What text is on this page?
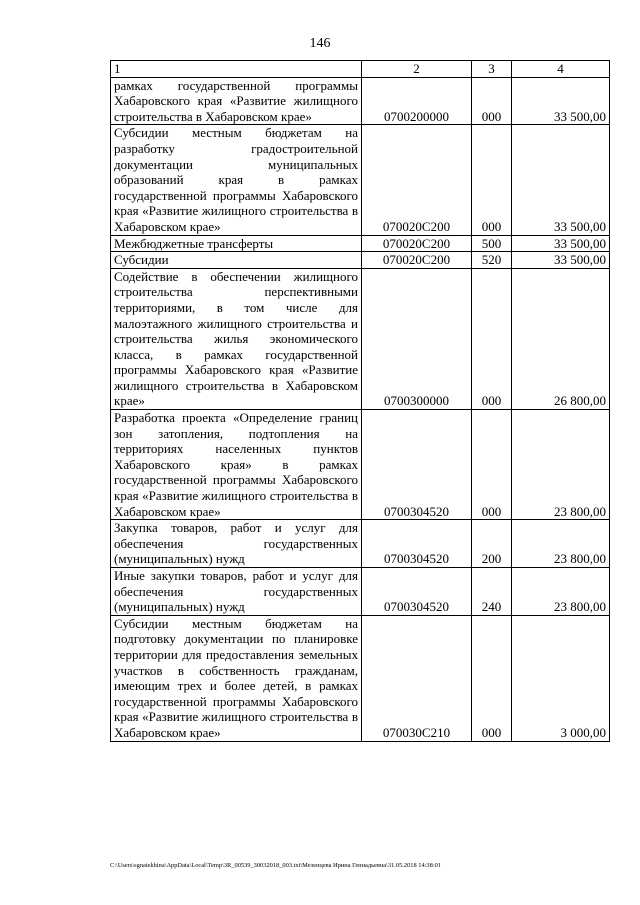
146
1	2	3	4
рамках государственной программы Хабаровского края «Развитие жилищного строительства в Хабаровском крае»	0700200000	000	33 500,00
Субсидии местным бюджетам на разработку градостроительной документации муниципальных образований края в рамках государственной программы Хабаровского края «Развитие жилищного строительства в Хабаровском крае»	070020С200	000	33 500,00
Межбюджетные трансферты	070020С200	500	33 500,00
Субсидии	070020С200	520	33 500,00
Содействие в обеспечении жилищного строительства перспективными территориями, в том числе для малоэтажного жилищного строительства и строительства жилья экономического класса, в рамках государственной программы Хабаровского края «Развитие жилищного строительства в Хабаровском крае»	0700300000	000	26 800,00
Разработка проекта «Определение границ зон затопления, подтопления на территориях населенных пунктов Хабаровского края» в рамках государственной программы Хабаровского края «Развитие жилищного строительства в Хабаровском крае»	0700304520	000	23 800,00
Закупка товаров, работ и услуг для обеспечения государственных (муниципальных) нужд	0700304520	200	23 800,00
Иные закупки товаров, работ и услуг для обеспечения государственных (муниципальных) нужд	0700304520	240	23 800,00
Субсидии местным бюджетам на подготовку документации по планировке территории для предоставления земельных участков в собственность гражданам, имеющим трех и более детей, в рамках государственной программы Хабаровского края «Развитие жилищного строительства в Хабаровском крае»	070030С210	000	3 000,00
C:\Users\sgnatekhina\AppData\Local\Temp\3R_00539_30032018_003.txt\Мезенцева Ирина Геннадьевна\31.05.2018 14:38:01
